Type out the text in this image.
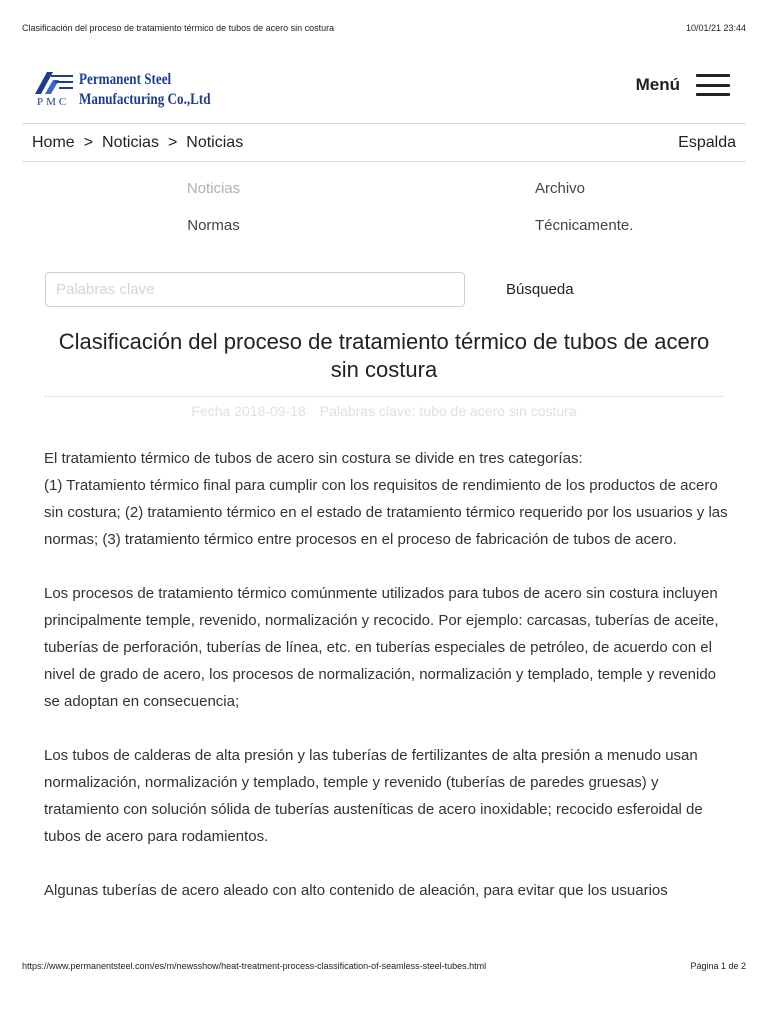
Clasificación del proceso de tratamiento térmico de tubos de acero sin costura	10/01/21 23:44
PMC
Permanent Steel
Manufacturing Co.,Ltd
Menú
Home > Noticias > Noticias	Espalda
Noticias	Archivo
Normas	Técnicamente.
Palabras clave
Búsqueda
Clasificación del proceso de tratamiento térmico de tubos de acero sin costura
Fecha 2018-09-18 Palabras clave: tubo de acero sin costura

El tratamiento térmico de tubos de acero sin costura se divide en tres categorías:
(1) Tratamiento térmico final para cumplir con los requisitos de rendimiento de los productos de acero sin costura; (2) tratamiento térmico en el estado de tratamiento térmico requerido por los usuarios y las normas; (3) tratamiento térmico entre procesos en el proceso de fabricación de tubos de acero.

Los procesos de tratamiento térmico comúnmente utilizados para tubos de acero sin costura incluyen principalmente temple, revenido, normalización y recocido. Por ejemplo: carcasas, tuberías de aceite, tuberías de perforación, tuberías de línea, etc. en tuberías especiales de petróleo, de acuerdo con el nivel de grado de acero, los procesos de normalización, normalización y templado, temple y revenido se adoptan en consecuencia;

Los tubos de calderas de alta presión y las tuberías de fertilizantes de alta presión a menudo usan normalización, normalización y templado, temple y revenido (tuberías de paredes gruesas) y tratamiento con solución sólida de tuberías austeníticas de acero inoxidable; recocido esferoidal de tubos de acero para rodamientos.

Algunas tuberías de acero aleado con alto contenido de aleación, para evitar que los usuarios

https://www.permanentsteel.com/es/m/newsshow/heat-treatment-process-classification-of-seamless-steel-tubes.html	Página 1 de 2
